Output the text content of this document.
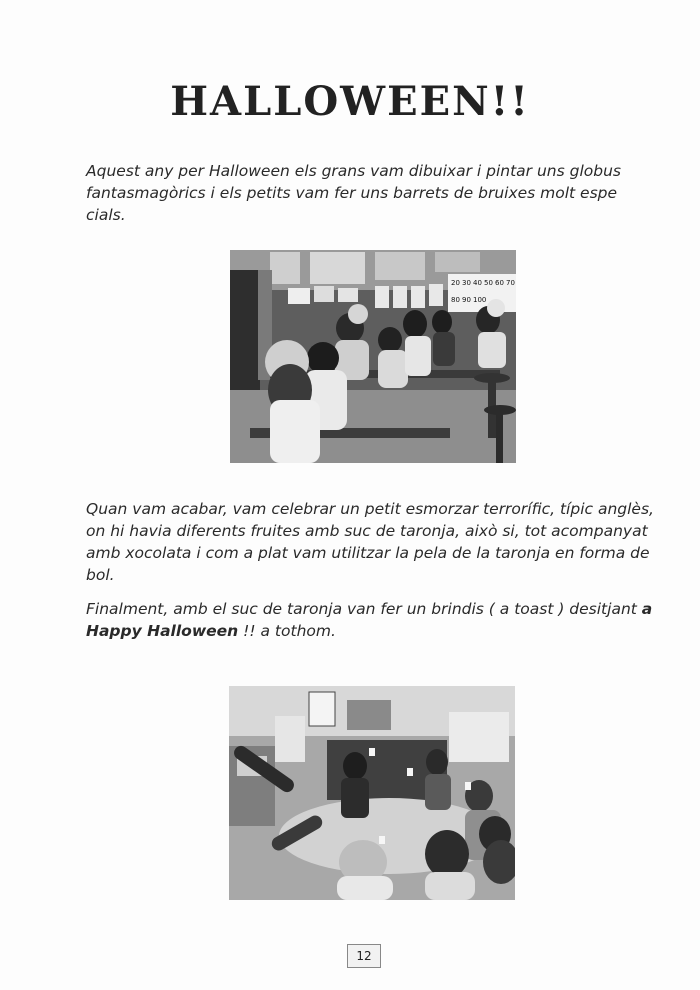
HALLOWEEN!!

Aquest any per Halloween els grans vam dibuixar i pintar uns globus fantasmagòrics i els petits vam fer uns barrets de bruixes molt espe cials.

20 30 40 50 60 70
80 90 100

Quan vam acabar, vam celebrar un petit esmorzar terrorífic, típic anglès, on hi havia diferents fruites amb suc de taronja, això si, tot acompanyat amb xocolata i com a plat vam utilitzar la pela de la taronja en forma de bol.

Finalment, amb el suc de taronja van fer un brindis ( a toast ) desitjant a Happy Halloween !! a tothom.

12
